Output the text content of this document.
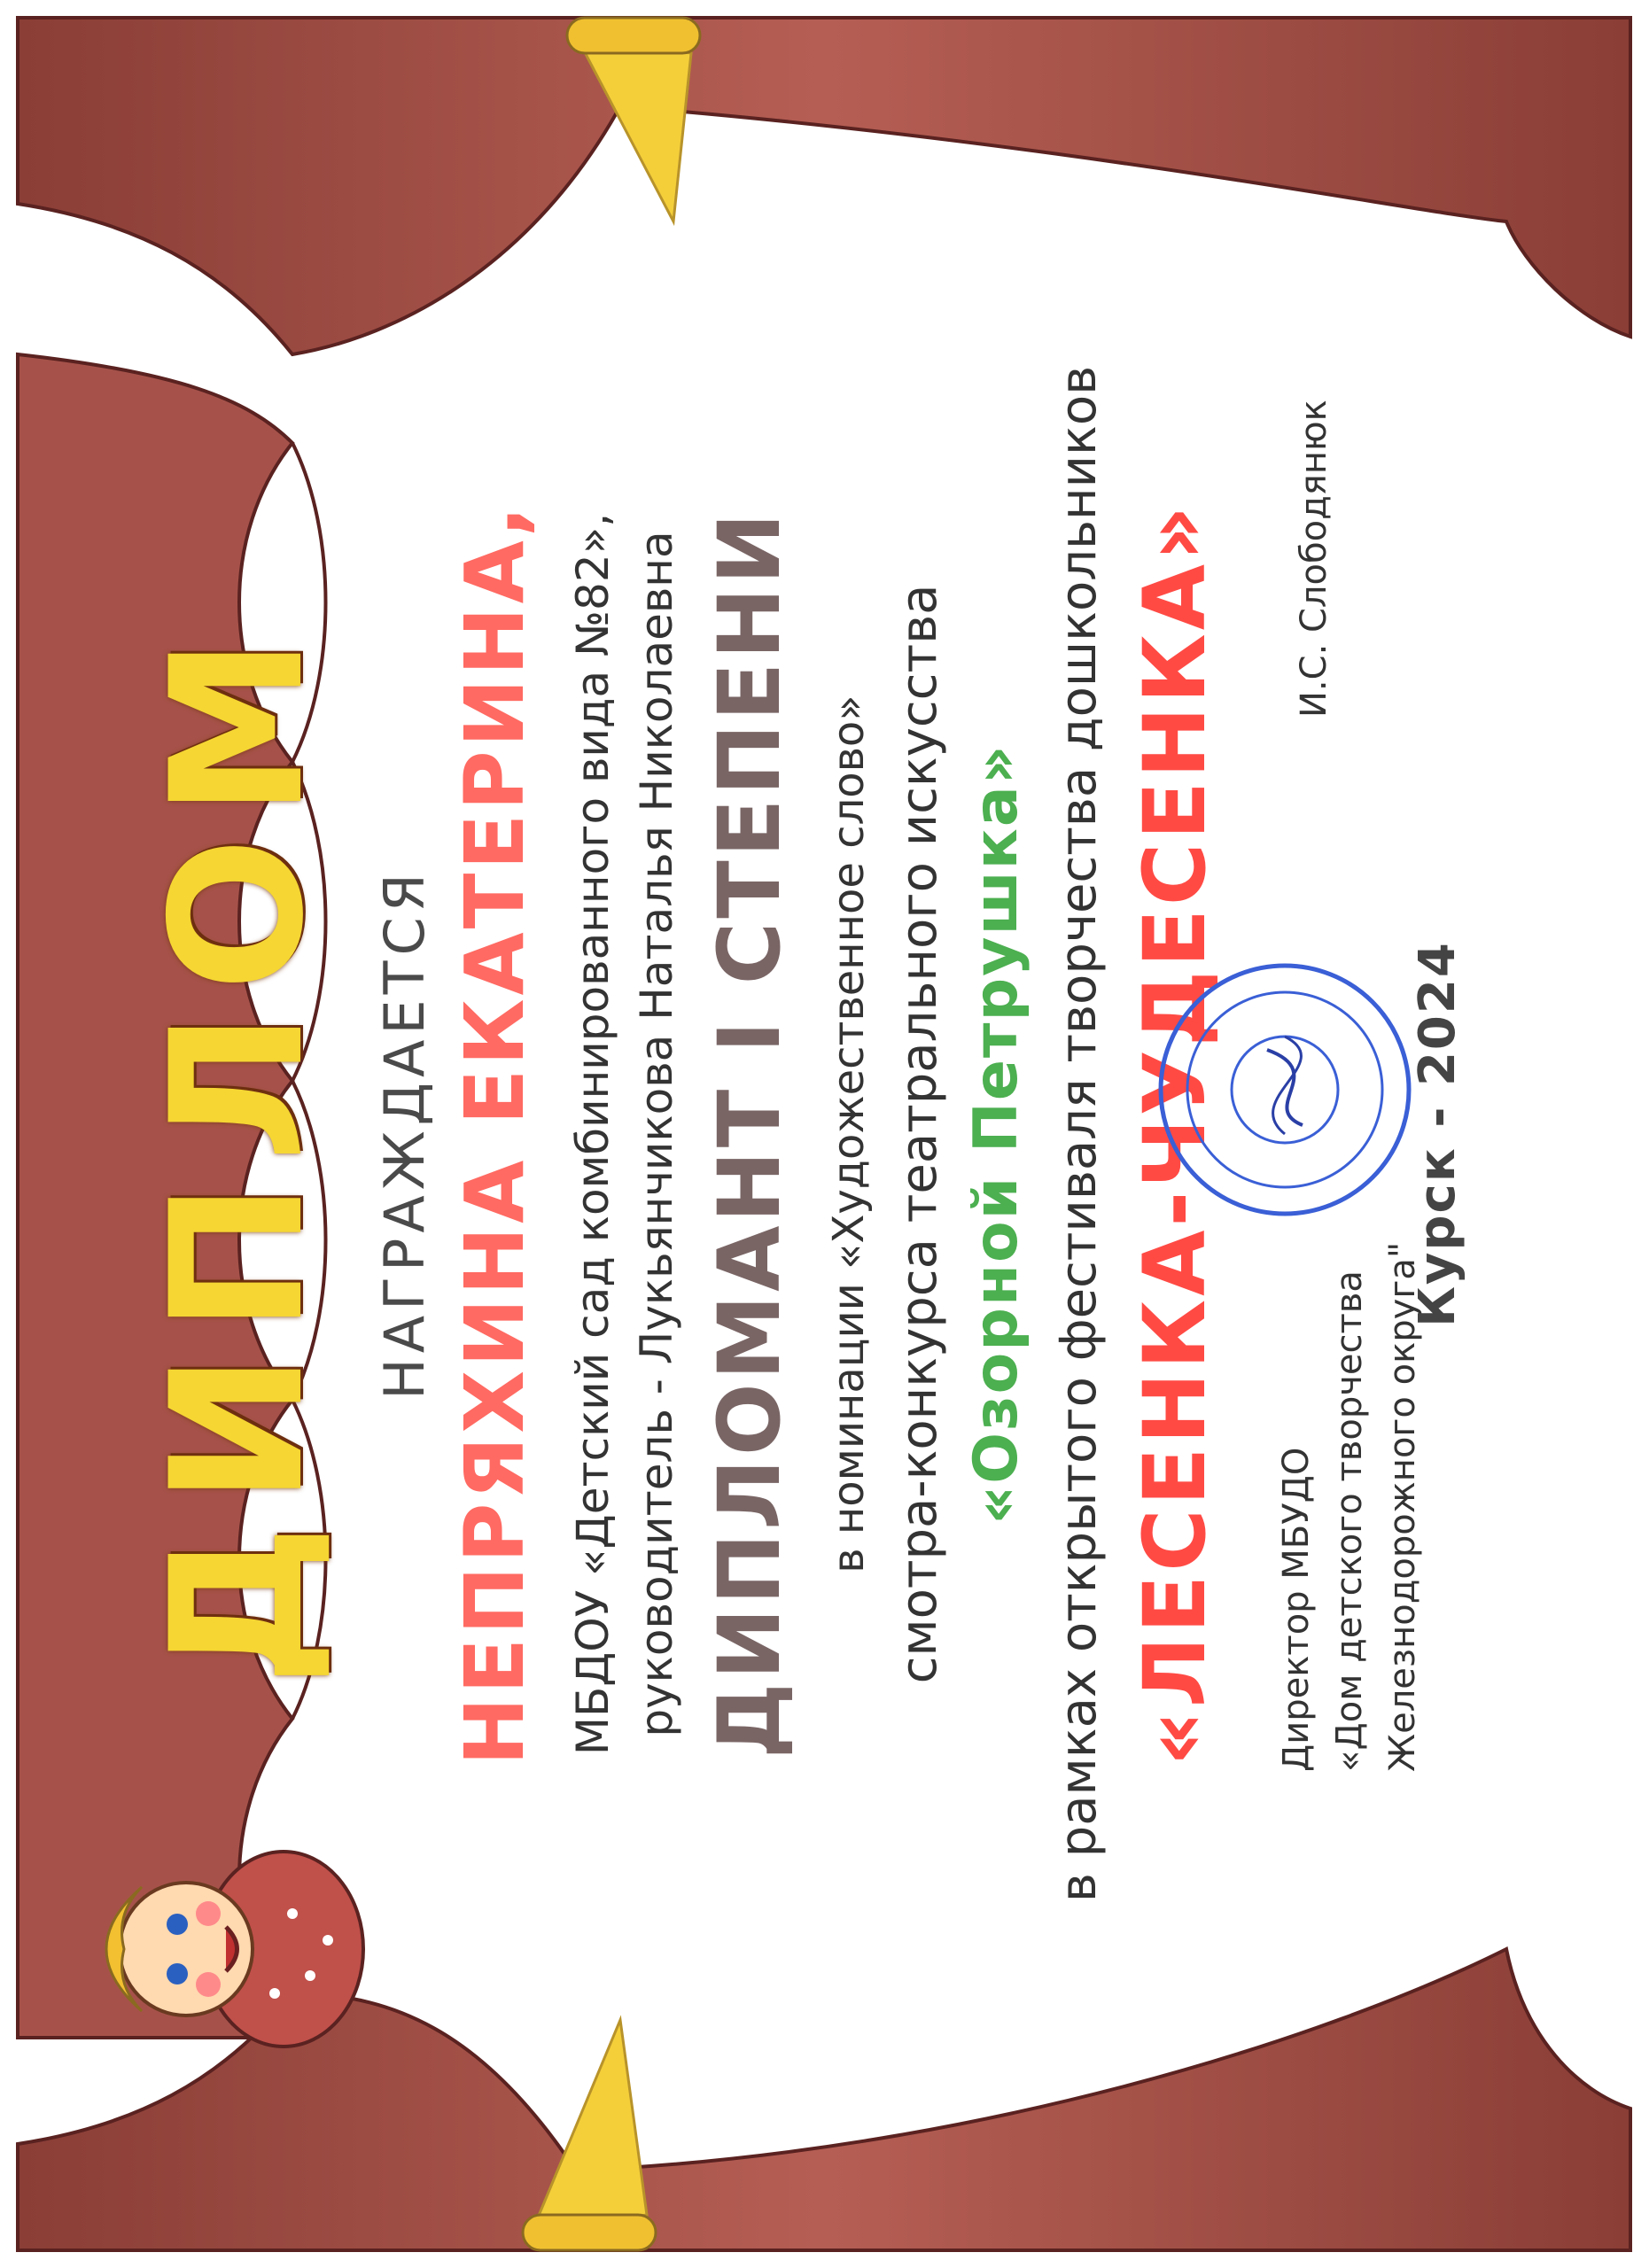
ДИПЛОМ НАГРАЖДАЕТСЯ НЕПРЯХИНА ЕКАТЕРИНА, МБДОУ «Детский сад комбинированного вида №82», руководитель - Лукьянчикова Наталья Николаевна ДИПЛОМАНТ I СТЕПЕНИ в номинации «Художественное слово» смотра-конкурса театрального искусства «Озорной Петрушка» в рамках открытого фестиваля творчества дошкольников «ЛЕСЕНКА-ЧУДЕСЕНКА» Директор МБУДО «Дом детского творчества Железнодорожного округа"
Курск - 2024
И.С. Слободянюк
